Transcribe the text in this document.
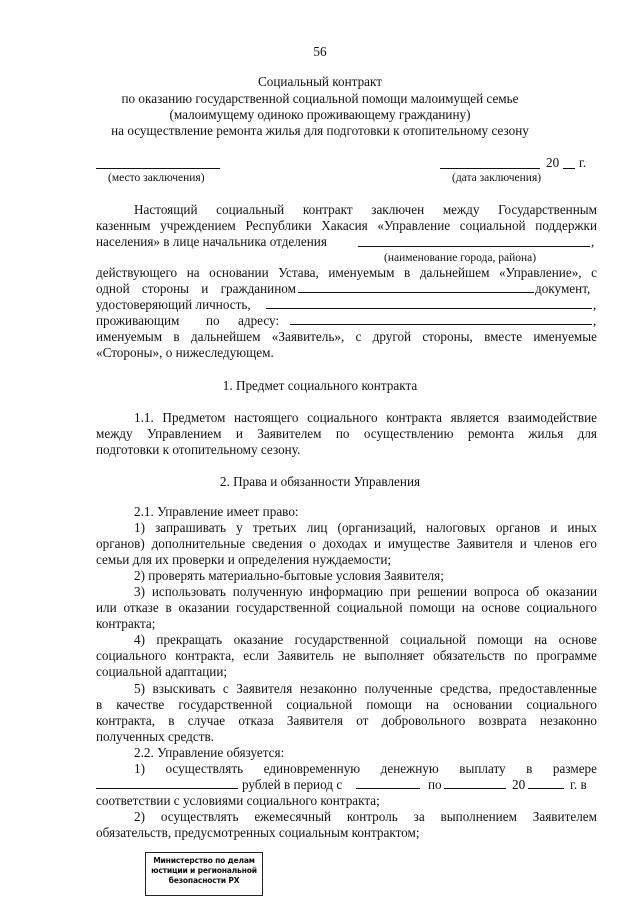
56
Социальный контракт
по оказанию государственной социальной помощи малоимущей семье
(малоимущему одиноко проживающему гражданину)
на осуществление ремонта жилья для подготовки к отопительному сезону
20 г.
(место заключения)	(дата заключения)
Настоящий социальный контракт заключен между Государственным
казенным учреждением Республики Хакасия «Управление социальной поддержки
населения» в лице начальника отделения	,
(наименование города, района)
действующего на основании Устава, именуемым в дальнейшем «Управление», с
одной стороны и гражданином	документ,
удостоверяющий личность,	,
проживающим по адресу:	,
именуемым в дальнейшем «Заявитель», с другой стороны, вместе именуемые
«Стороны», о нижеследующем.
1. Предмет социального контракта
1.1. Предметом настоящего социального контракта является взаимодействие
между Управлением и Заявителем по осуществлению ремонта жилья для
подготовки к отопительному сезону.
2. Права и обязанности Управления
2.1. Управление имеет право:
1) запрашивать у третьих лиц (организаций, налоговых органов и иных
органов) дополнительные сведения о доходах и имуществе Заявителя и членов его
семьи для их проверки и определения нуждаемости;
2) проверять материально-бытовые условия Заявителя;
3) использовать полученную информацию при решении вопроса об оказании
или отказе в оказании государственной социальной помощи на основе социального
контракта;
4) прекращать оказание государственной социальной помощи на основе
социального контракта, если Заявитель не выполняет обязательств по программе
социальной адаптации;
5) взыскивать с Заявителя незаконно полученные средства, предоставленные
в качестве государственной социальной помощи на основании социального
контракта, в случае отказа Заявителя от добровольного возврата незаконно
полученных средств.
2.2. Управление обязуется:
1) осуществлять единовременную денежную выплату в размере
рублей в период с	по	20	г. в
соответствии с условиями социального контракта;
2) осуществлять ежемесячный контроль за выполнением Заявителем
обязательств, предусмотренных социальным контрактом;
Министерство по делам
юстиции и региональной
безопасности РХ
